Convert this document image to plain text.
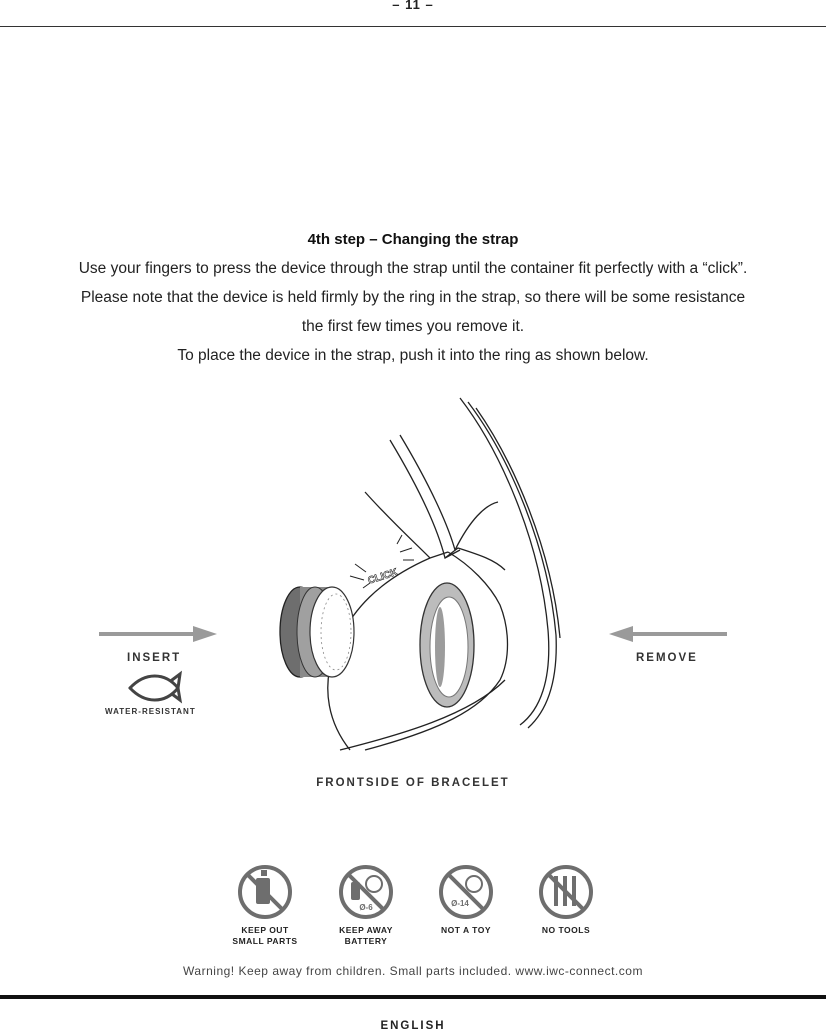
– 11 –
4th step – Changing the strap
Use your fingers to press the device through the strap until the container fit perfectly with a “click”.
Please note that the device is held firmly by the ring in the strap, so there will be some resistance
the first few times you remove it.
To place the device in the strap, push it into the ring as shown below.
CLICK
INSERT	REMOVE
WATER-RESISTANT
FRONTSIDE OF BRACELET
Ø-6	Ø-14
KEEP OUT
SMALL PARTS
KEEP AWAY
BATTERY
NOT A TOY	NO TOOLS
Warning! Keep away from children. Small parts included. www.iwc-connect.com
ENGLISH
